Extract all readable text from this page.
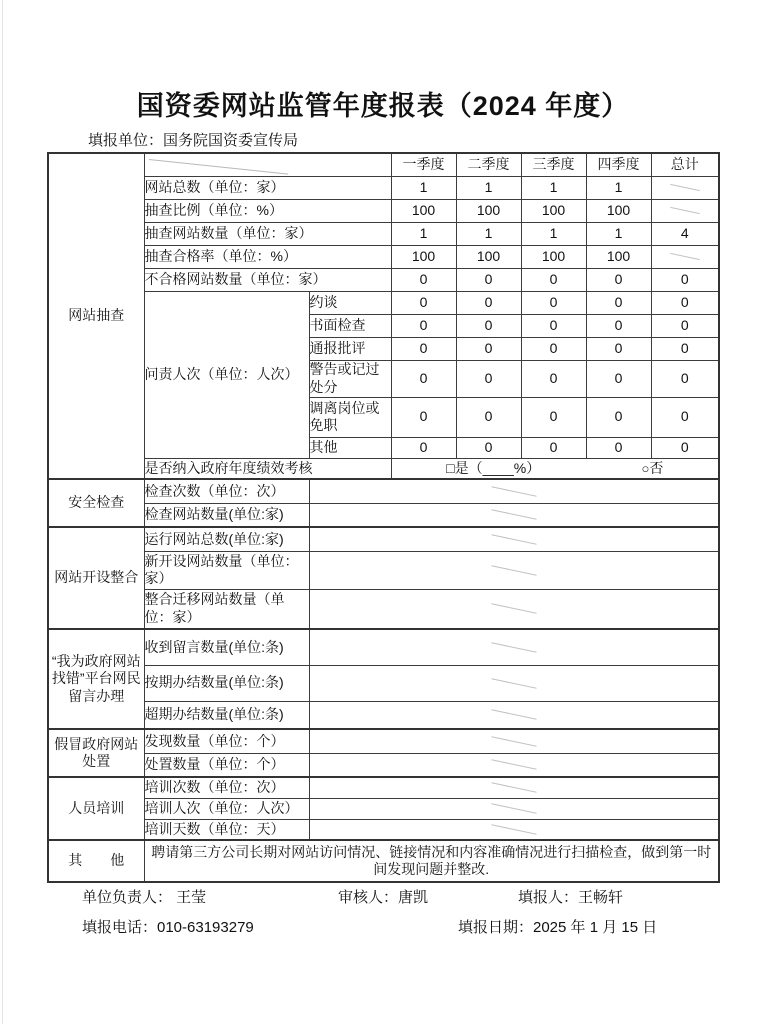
国资委网站监管年度报表（2024 年度）
填报单位：国务院国资委宣传局
网站抽查			一季度	二季度	三季度	四季度	总计
	网站总数（单位：家）		1	1	1	1	

	抽查比例（单位：%）		100	100	100	100	

	抽查网站数量（单位：家）		1	1	1	1	4
	抽查合格率（单位：%）		100	100	100	100	

	不合格网站数量（单位：家）		0	0	0	0	0
	问责人次（单位：人次）	约谈	0	0	0	0	0
		书面检查	0	0	0	0	0
		通报批评	0	0	0	0	0
		警告或记过处分	0	0	0	0	0
		调离岗位或免职	0	0	0	0	0
		其他	0	0	0	0	0
	是否纳入政府年度绩效考核		□是（____%） ○否				

安全检查	检查次数（单位：次）						

	检查网站数量(单位:家)						

网站开设整合	运行网站总数(单位:家)						

	新开设网站数量（单位：家）						

	整合迁移网站数量（单位：家）						

“我为政府网站找错”平台网民留言办理	收到留言数量(单位:条)						

	按期办结数量(单位:条)						

	超期办结数量(单位:条)						

假冒政府网站处置	发现数量（单位：个）						

	处置数量（单位：个）						

人员培训	培训次数（单位：次）						

	培训人次（单位：人次）						

	培训天数（单位：天）						

其　　他	聘请第三方公司长期对网站访问情况、链接情况和内容准确情况进行扫描检查，做到第一时间发现问题并整改.						
单位负责人： 王莹	审核人：唐凯	填报人：王畅轩
填报电话：010-63193279	填报日期：2025 年 1 月 15 日
